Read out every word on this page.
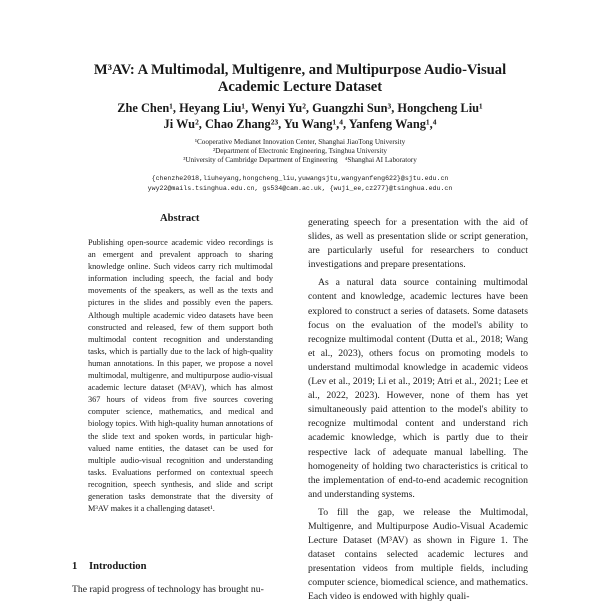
M³AV: A Multimodal, Multigenre, and Multipurpose Audio-Visual
Academic Lecture Dataset
Zhe Chen¹, Heyang Liu¹, Wenyi Yu², Guangzhi Sun³, Hongcheng Liu¹
Ji Wu², Chao Zhang²³, Yu Wang¹,⁴, Yanfeng Wang¹,⁴
¹Cooperative Medianet Innovation Center, Shanghai JiaoTong University
²Department of Electronic Engineering, Tsinghua University
³University of Cambridge Department of Engineering    ⁴Shanghai AI Laboratory
{chenzhe2018,liuheyang,hongcheng_liu,yuwangsjtu,wangyanfeng622}@sjtu.edu.cn
ywy22@mails.tsinghua.edu.cn, gs534@cam.ac.uk, {wuji_ee,cz277}@tsinghua.edu.cn
Abstract
Publishing open-source academic video recordings is an emergent and prevalent approach to sharing knowledge online. Such videos carry rich multimodal information including speech, the facial and body movements of the speakers, as well as the texts and pictures in the slides and possibly even the papers. Although multiple academic video datasets have been constructed and released, few of them support both multimodal content recognition and understanding tasks, which is partially due to the lack of high-quality human annotations. In this paper, we propose a novel multimodal, multigenre, and multipurpose audio-visual academic lecture dataset (M³AV), which has almost 367 hours of videos from five sources covering computer science, mathematics, and medical and biology topics. With high-quality human annotations of the slide text and spoken words, in particular high-valued name entities, the dataset can be used for multiple audio-visual recognition and understanding tasks. Evaluations performed on contextual speech recognition, speech synthesis, and slide and script generation tasks demonstrate that the diversity of M³AV makes it a challenging dataset¹.
1 Introduction
The rapid progress of technology has brought nu-

generating speech for a presentation with the aid of slides, as well as presentation slide or script generation, are particularly useful for researchers to conduct investigations and prepare presentations.

As a natural data source containing multimodal content and knowledge, academic lectures have been explored to construct a series of datasets. Some datasets focus on the evaluation of the model's ability to recognize multimodal content (Dutta et al., 2018; Wang et al., 2023), others focus on promoting models to understand multimodal knowledge in academic videos (Lev et al., 2019; Li et al., 2019; Atri et al., 2021; Lee et al., 2022, 2023). However, none of them has yet simultaneously paid attention to the model's ability to recognize multimodal content and understand rich academic knowledge, which is partly due to their respective lack of adequate manual labelling. The homogeneity of holding two characteristics is critical to the implementation of end-to-end academic recognition and understanding systems.

To fill the gap, we release the Multimodal, Multigenre, and Multipurpose Audio-Visual Academic Lecture Dataset (M³AV) as shown in Figure 1. The dataset contains selected academic lectures and presentation videos from multiple fields, including computer science, biomedical science, and mathematics. Each video is endowed with highly quali-
